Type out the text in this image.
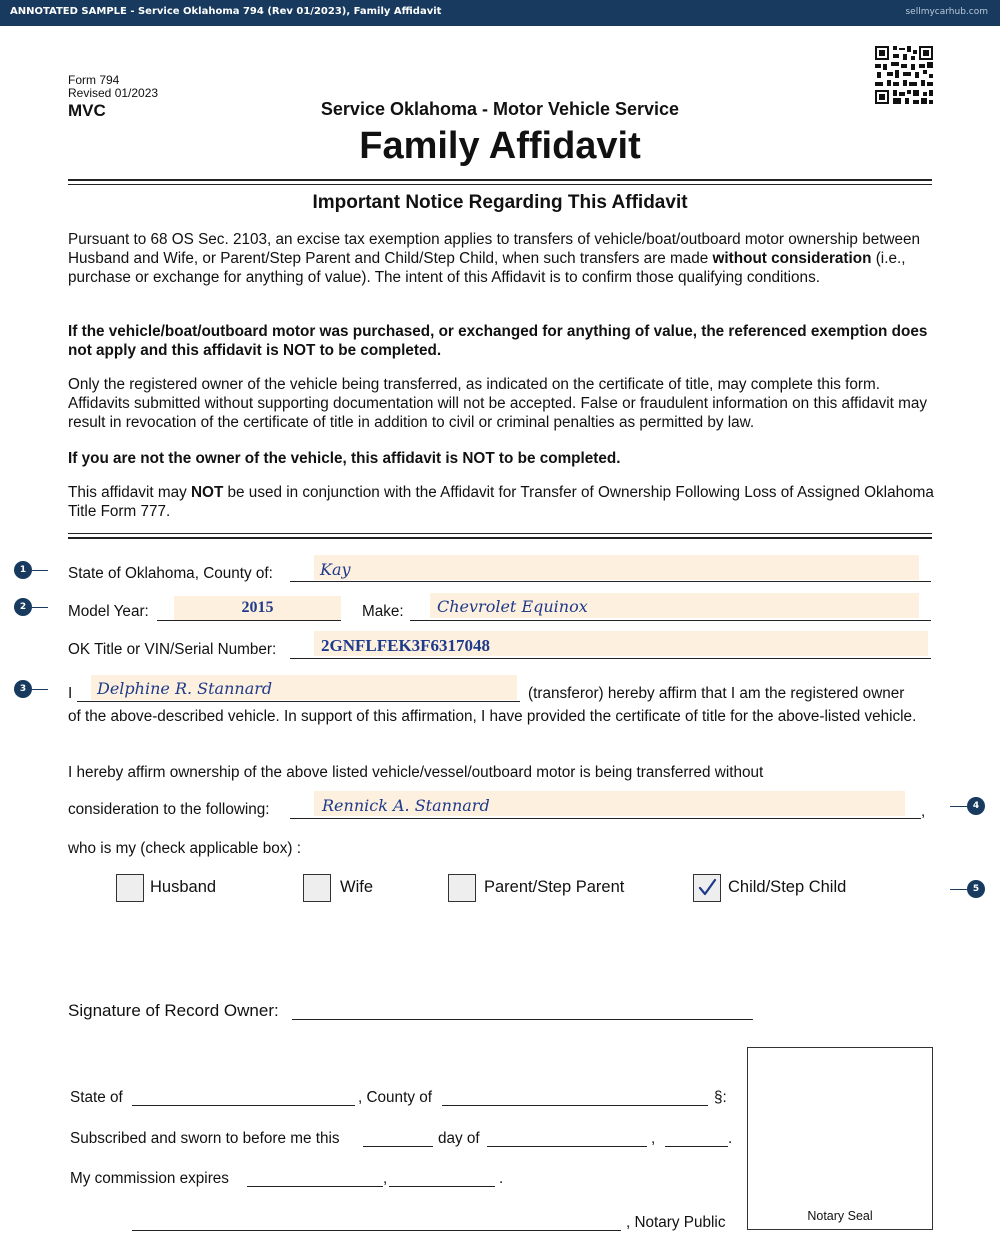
ANNOTATED SAMPLE - Service Oklahoma 794 (Rev 01/2023), Family Affidavit	sellmycarhub.com
Form 794
Revised 01/2023
MVC	Service Oklahoma - Motor Vehicle Service
Family Affidavit
Important Notice Regarding This Affidavit
Pursuant to 68 OS Sec. 2103, an excise tax exemption applies to transfers of vehicle/boat/outboard motor ownership between Husband and Wife, or Parent/Step Parent and Child/Step Child, when such transfers are made without consideration (i.e., purchase or exchange for anything of value). The intent of this Affidavit is to confirm those qualifying conditions.
If the vehicle/boat/outboard motor was purchased, or exchanged for anything of value, the referenced exemption does not apply and this affidavit is NOT to be completed.
Only the registered owner of the vehicle being transferred, as indicated on the certificate of title, may complete this form. Affidavits submitted without supporting documentation will not be accepted. False or fraudulent information on this affidavit may result in revocation of the certificate of title in addition to civil or criminal penalties as permitted by law.
If you are not the owner of the vehicle, this affidavit is NOT to be completed.
This affidavit may NOT be used in conjunction with the Affidavit for Transfer of Ownership Following Loss of Assigned Oklahoma Title Form 777.
1
2
3
4
5
State of Oklahoma, County of:	Kay
Model Year:	2015	Make: Chevrolet Equinox
OK Title or VIN/Serial Number:	2GNFLFEK3F6317048
I Delphine R. Stannard	(transferor) hereby affirm that I am the registered owner
of the above-described vehicle. In support of this affirmation, I have provided the certificate of title for the above-listed vehicle.
I hereby affirm ownership of the above listed vehicle/vessel/outboard motor is being transferred without
consideration to the following:	Rennick A. Stannard	,
who is my (check applicable box) :
Husband	Wife	Parent/Step Parent	Child/Step Child
Signature of Record Owner:
State of	, County of	§:
Subscribed and sworn to before me this	day of	,	.
My commission expires	,	.
, Notary Public	Notary Seal
